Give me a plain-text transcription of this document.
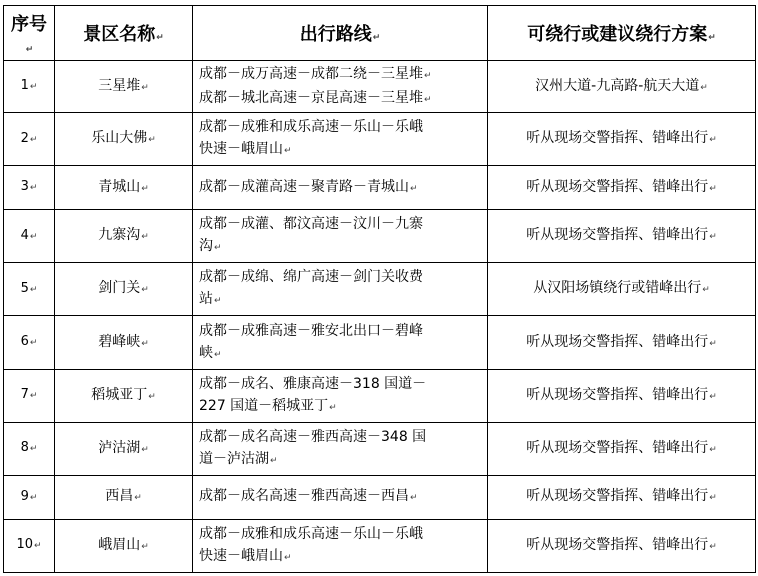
序号↵	景区名称↵	出行路线↵	可绕行或建议绕行方案↵
1↵	三星堆↵	成都－成万高速－成都二绕－三星堆↵
成都－城北高速－京昆高速－三星堆↵	汉州大道-九高路-航天大道↵
2↵	乐山大佛↵	成都－成雅和成乐高速－乐山－乐峨
快速－峨眉山↵	听从现场交警指挥、错峰出行↵
3↵	青城山↵	成都－成灌高速－聚青路－青城山↵	听从现场交警指挥、错峰出行↵
4↵	九寨沟↵	成都－成灌、都汶高速－汶川－九寨
沟↵	听从现场交警指挥、错峰出行↵
5↵	剑门关↵	成都－成绵、绵广高速－剑门关收费
站↵	从汉阳场镇绕行或错峰出行↵
6↵	碧峰峡↵	成都－成雅高速－雅安北出口－碧峰
峡↵	听从现场交警指挥、错峰出行↵
7↵	稻城亚丁↵	成都－成名、雅康高速－318 国道－
227 国道－稻城亚丁↵	听从现场交警指挥、错峰出行↵
8↵	泸沽湖↵	成都－成名高速－雅西高速－348 国
道－泸沽湖↵	听从现场交警指挥、错峰出行↵
9↵	西昌↵	成都－成名高速－雅西高速－西昌↵	听从现场交警指挥、错峰出行↵
10↵	峨眉山↵	成都－成雅和成乐高速－乐山－乐峨
快速－峨眉山↵	听从现场交警指挥、错峰出行↵
